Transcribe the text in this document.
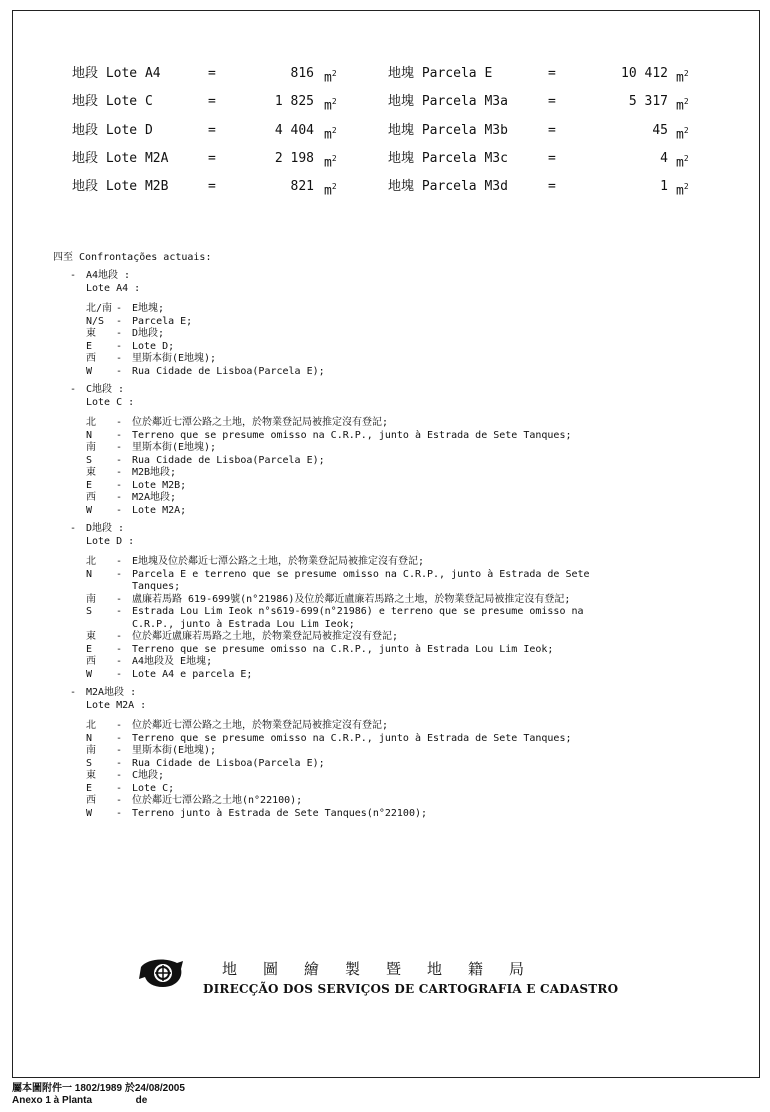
地段 Lote A4	=	816 $m^2$	地塊 Parcela E	=	10 412 $m^2$
地段 Lote C	=	1 825 $m^2$	地塊 Parcela M3a	=	5 317 $m^2$
地段 Lote D	=	4 404 $m^2$	地塊 Parcela M3b	=	45 $m^2$
地段 Lote M2A	=	2 198 $m^2$	地塊 Parcela M3c	=	4 $m^2$
地段 Lote M2B	=	821 $m^2$	地塊 Parcela M3d	=	1 $m^2$
四至 Confrontações actuais:
- A4地段 :
Lote A4 :
北/南 - E地塊;
N/S	- Parcela E;
東	- D地段;
E	- Lote D;
西	- 里斯本街(E地塊);
W	- Rua Cidade de Lisboa(Parcela E);
- C地段 :
Lote C :
北	- 位於鄰近七潭公路之土地，於物業登記局被推定沒有登記;
N	- Terreno que se presume omisso na C.R.P., junto à Estrada de Sete Tanques;
南	- 里斯本街(E地塊);
S	- Rua Cidade de Lisboa(Parcela E);
東	- M2B地段;
E	- Lote M2B;
西	- M2A地段;
W	- Lote M2A;
- D地段 :
Lote D :
北	- E地塊及位於鄰近七潭公路之土地，於物業登記局被推定沒有登記;
N	- Parcela E e terreno que se presume omisso na C.R.P., junto à Estrada de Sete
Tanques;
南	- 盧廉若馬路 619-699號(n°21986)及位於鄰近盧廉若馬路之土地，於物業登記局被推定沒有登記;
S	- Estrada Lou Lim Ieok n°s619-699(n°21986) e terreno que se presume omisso na
C.R.P., junto à Estrada Lou Lim Ieok;
東	- 位於鄰近盧廉若馬路之土地，於物業登記局被推定沒有登記;
E	- Terreno que se presume omisso na C.R.P., junto à Estrada Lou Lim Ieok;
西	- A4地段及 E地塊;
W	- Lote A4 e parcela E;
- M2A地段 :
Lote M2A :
北	- 位於鄰近七潭公路之土地，於物業登記局被推定沒有登記;
N	- Terreno que se presume omisso na C.R.P., junto à Estrada de Sete Tanques;
南	- 里斯本街(E地塊);
S	- Rua Cidade de Lisboa(Parcela E);
東	- C地段;
E	- Lote C;
西	- 位於鄰近七潭公路之土地(n°22100);
W	- Terreno junto à Estrada de Sete Tanques(n°22100);
地圖繪製暨地籍局
DIRECÇÃO DOS SERVIÇOS DE CARTOGRAFIA E CADASTRO
屬本圖附件一 1802/1989 於24/08/2005
Anexo 1 à Planta	de
